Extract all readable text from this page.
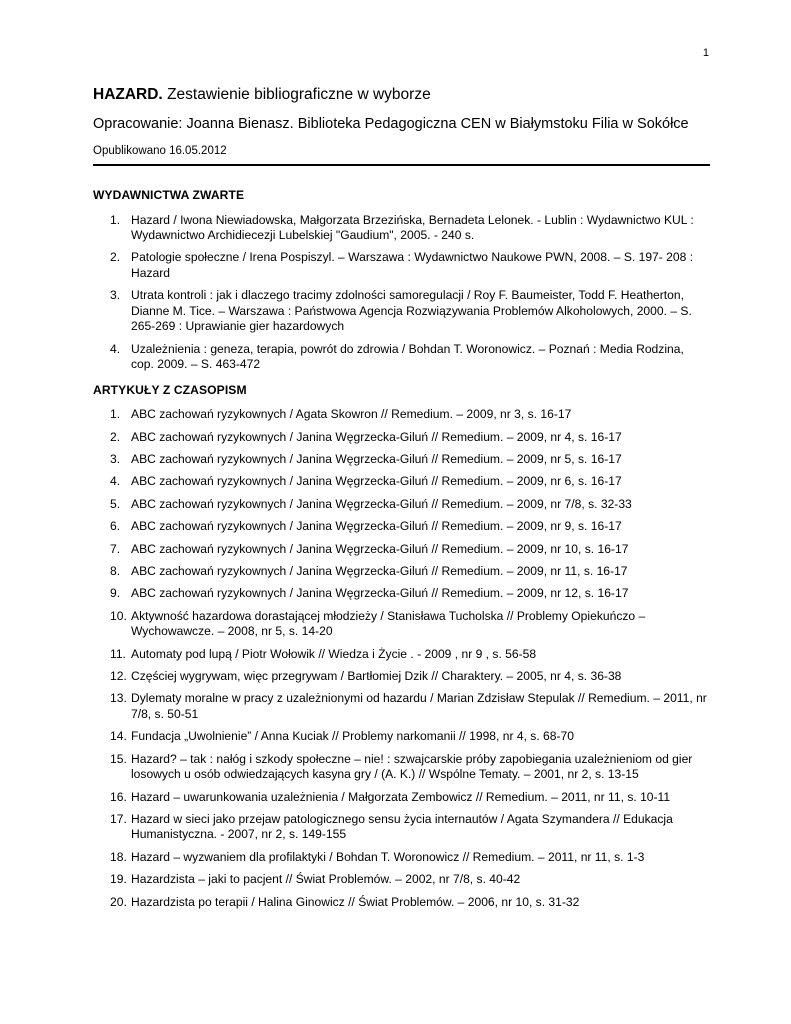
1
HAZARD. Zestawienie bibliograficzne w wyborze
Opracowanie: Joanna Bienasz. Biblioteka Pedagogiczna CEN w Białymstoku Filia w Sokółce
Opublikowano 16.05.2012
WYDAWNICTWA ZWARTE
1. Hazard / Iwona Niewiadowska, Małgorzata Brzezińska, Bernadeta Lelonek. - Lublin : Wydawnictwo KUL : Wydawnictwo Archidiecezji Lubelskiej "Gaudium", 2005. - 240 s.
2. Patologie społeczne / Irena Pospiszyl. – Warszawa : Wydawnictwo Naukowe PWN, 2008. – S. 197- 208 : Hazard
3. Utrata kontroli : jak i dlaczego tracimy zdolności samoregulacji / Roy F. Baumeister, Todd F. Heatherton, Dianne M. Tice. – Warszawa : Państwowa Agencja Rozwiązywania Problemów Alkoholowych, 2000. – S. 265-269 : Uprawianie gier hazardowych
4. Uzależnienia : geneza, terapia, powrót do zdrowia / Bohdan T. Woronowicz. – Poznań : Media Rodzina, cop. 2009. – S. 463-472
ARTYKUŁY Z CZASOPISM
1. ABC zachowań ryzykownych / Agata Skowron // Remedium. – 2009, nr 3, s. 16-17
2. ABC zachowań ryzykownych / Janina Węgrzecka-Giluń // Remedium. – 2009, nr 4, s. 16-17
3. ABC zachowań ryzykownych / Janina Węgrzecka-Giluń // Remedium. – 2009, nr 5, s. 16-17
4. ABC zachowań ryzykownych / Janina Węgrzecka-Giluń // Remedium. – 2009, nr 6, s. 16-17
5. ABC zachowań ryzykownych / Janina Węgrzecka-Giluń // Remedium. – 2009, nr 7/8, s. 32-33
6. ABC zachowań ryzykownych / Janina Węgrzecka-Giluń // Remedium. – 2009, nr 9, s. 16-17
7. ABC zachowań ryzykownych / Janina Węgrzecka-Giluń // Remedium. – 2009, nr 10, s. 16-17
8. ABC zachowań ryzykownych / Janina Węgrzecka-Giluń // Remedium. – 2009, nr 11, s. 16-17
9. ABC zachowań ryzykownych / Janina Węgrzecka-Giluń // Remedium. – 2009, nr 12, s. 16-17
10. Aktywność hazardowa dorastającej młodzieży / Stanisława Tucholska // Problemy Opiekuńczo – Wychowawcze. – 2008, nr 5, s. 14-20
11. Automaty pod lupą / Piotr Wołowik // Wiedza i Życie . - 2009 , nr 9 , s. 56-58
12. Częściej wygrywam, więc przegrywam / Bartłomiej Dzik // Charaktery. – 2005, nr 4, s. 36-38
13. Dylematy moralne w pracy z uzależnionymi od hazardu / Marian Zdzisław Stepulak // Remedium. – 2011, nr 7/8, s. 50-51
14. Fundacja „Uwolnienie” / Anna Kuciak // Problemy narkomanii // 1998, nr 4, s. 68-70
15. Hazard? – tak : nałóg i szkody społeczne – nie! : szwajcarskie próby zapobiegania uzależnieniom od gier losowych u osób odwiedzających kasyna gry / (A. K.) // Wspólne Tematy. – 2001, nr 2, s. 13-15
16. Hazard – uwarunkowania uzależnienia / Małgorzata Zembowicz // Remedium. – 2011, nr 11, s. 10-11
17. Hazard w sieci jako przejaw patologicznego sensu życia internautów / Agata Szymandera // Edukacja Humanistyczna. - 2007, nr 2, s. 149-155
18. Hazard – wyzwaniem dla profilaktyki / Bohdan T. Woronowicz // Remedium. – 2011, nr 11, s. 1-3
19. Hazardzista – jaki to pacjent // Świat Problemów. – 2002, nr 7/8, s. 40-42
20. Hazardzista po terapii / Halina Ginowicz // Świat Problemów. – 2006, nr 10, s. 31-32
